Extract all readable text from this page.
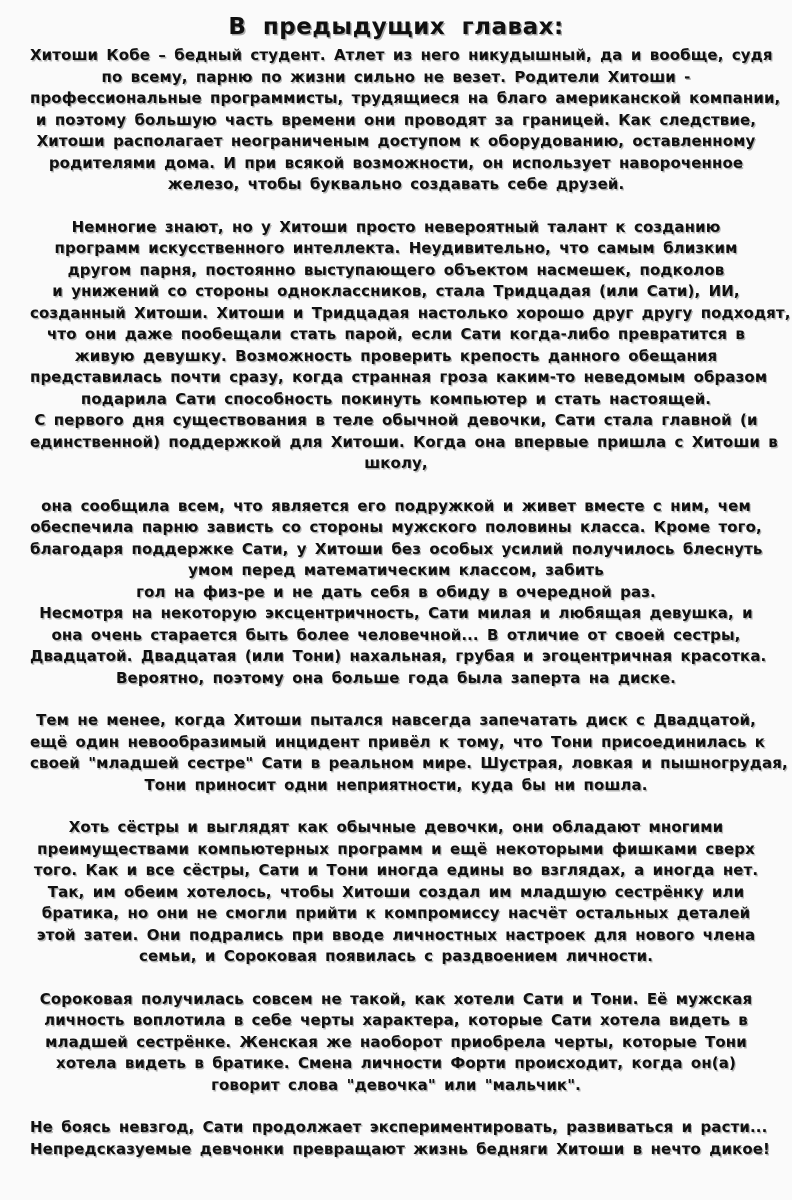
В предыдущих главах:

Хитоши Кобе – бедный студент. Атлет из него никудышный, да и вообще, судя
по всему, парню по жизни сильно не везет. Родители Хитоши -
профессиональные программисты, трудящиеся на благо американской компании,
и поэтому большую часть времени они проводят за границей. Как следствие,
Хитоши располагает неограниченым доступом к оборудованию, оставленному
родителями дома. И при всякой возможности, он использует навороченное
железо, чтобы буквально создавать себе друзей.

Немногие знают, но у Хитоши просто невероятный талант к созданию
программ искусственного интеллекта. Неудивительно, что самым близким
другом парня, постоянно выступающего объектом насмешек, подколов
и унижений со стороны одноклассников, стала Тридцадая (или Сати), ИИ,
созданный Хитоши. Хитоши и Тридцадая настолько хорошо друг другу подходят,
что они даже пообещали стать парой, если Сати когда-либо превратится в
живую девушку. Возможность проверить крепость данного обещания
представилась почти сразу, когда странная гроза каким-то неведомым образом
подарила Сати способность покинуть компьютер и стать настоящей.
С первого дня существования в теле обычной девочки, Сати стала главной (и
единственной) поддержкой для Хитоши. Когда она впервые пришла с Хитоши в
школу,

она сообщила всем, что является его подружкой и живет вместе с ним, чем
обеспечила парню зависть со стороны мужского половины класса. Кроме того,
благодаря поддержке Сати, у Хитоши без особых усилий получилось блеснуть
умом перед математическим классом, забить
гол на физ-ре и не дать себя в обиду в очередной раз.
Несмотря на некоторую эксцентричность, Сати милая и любящая девушка, и
она очень старается быть более человечной... В отличие от своей сестры,
Двадцатой. Двадцатая (или Тони) нахальная, грубая и эгоцентричная красотка.
Вероятно, поэтому она больше года была заперта на диске.

Тем не менее, когда Хитоши пытался навсегда запечатать диск с Двадцатой,
ещё один невообразимый инцидент привёл к тому, что Тони присоединилась к
своей "младшей сестре" Сати в реальном мире. Шустрая, ловкая и пышногрудая,
Тони приносит одни неприятности, куда бы ни пошла.

Хоть сёстры и выглядят как обычные девочки, они обладают многими
преимуществами компьютерных программ и ещё некоторыми фишками сверх
того. Как и все сёстры, Сати и Тони иногда едины во взглядах, а иногда нет.
Так, им обеим хотелось, чтобы Хитоши создал им младшую сестрёнку или
братика, но они не смогли прийти к компромиссу насчёт остальных деталей
этой затеи. Они подрались при вводе личностных настроек для нового члена
семьи, и Сороковая появилась с раздвоением личности.

Сороковая получилась совсем не такой, как хотели Сати и Тони. Её мужская
личность воплотила в себе черты характера, которые Сати хотела видеть в
младшей сестрёнке. Женская же наоборот приобрела черты, которые Тони
хотела видеть в братике. Смена личности Форти происходит, когда он(а)
говорит слова "девочка" или "мальчик".

Не боясь невзгод, Сати продолжает экспериментировать, развиваться и расти...
Непредсказуемые девчонки превращают жизнь бедняги Хитоши в нечто дикое!
